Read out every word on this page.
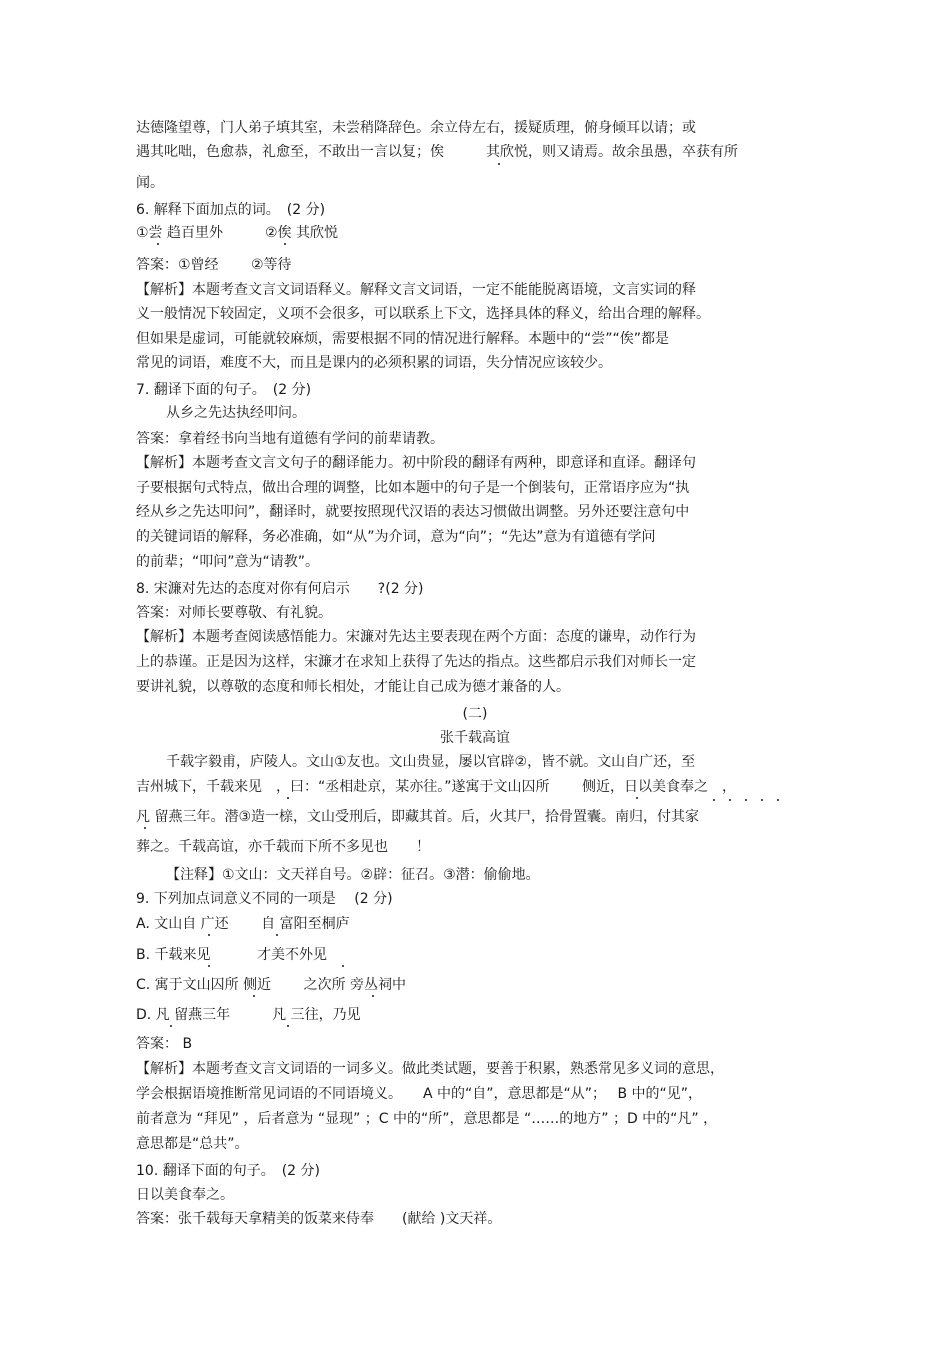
达德隆望尊，门人弟子填其室，未尝稍降辞色。余立侍左右，援疑质理，俯身倾耳以请；或
遇其叱咄，色愈恭，礼愈至，不敢出一言以复；俟　　　其欣悦，则又请焉。故余虽愚，卒获有所
闻。
6. 解释下面加点的词。　(2 分)
①尝 趋百里外　　　②俟 其欣悦
答案：①曾经　　 ②等待
【解析】本题考查文言文词语释义。解释文言文词语，一定不能能脱离语境，文言实词的释
义一般情况下较固定，义项不会很多，可以联系上下文，选择具体的释义，给出合理的解释。
但如果是虚词，可能就较麻烦，需要根据不同的情况进行解释。本题中的“尝”“俟”都是
常见的词语，难度不大，而且是课内的必须积累的词语，失分情况应该较少。
7. 翻译下面的句子。　(2 分)
从乡之先达执经叩问。
答案：拿着经书向当地有道德有学问的前辈请教。
【解析】本题考查文言文句子的翻译能力。初中阶段的翻译有两种，即意译和直译。翻译句
子要根据句式特点，做出合理的调整，比如本题中的句子是一个倒装句，正常语序应为“执
经从乡之先达叩问”，翻译时，就要按照现代汉语的表达习惯做出调整。另外还要注意句中
的关键词语的解释，务必准确，如“从”为介词，意为“向”；“先达”意为有道德有学问
的前辈；“叩问”意为“请教”。
8. 宋濂对先达的态度对你有何启示　　?(2 分)
答案：对师长要尊敬、有礼貌。
【解析】本题考查阅读感悟能力。宋濂对先达主要表现在两个方面：态度的谦卑，动作行为
上的恭谨。正是因为这样，宋濂才在求知上获得了先达的指点。这些都启示我们对师长一定
要讲礼貌，以尊敬的态度和师长相处，才能让自己成为德才兼备的人。
(二)
张千载高谊
千载字毅甫，庐陵人。文山①友也。文山贵显，屡以官辟②，皆不就。文山自广还，至
吉州城下，千载来见　，曰：“丞相赴京，某亦往。”遂寓于文山囚所　　 侧近，日以美食奉之　，
凡 留燕三年。潜③造一榇，文山受刑后，即藏其首。后，火其尸，拾骨置囊。南归，付其家
葬之。千载高谊，亦千载而下所不多见也　　！
【注释】①文山：文天祥自号。②辟：征召。③潜：偷偷地。
9. 下列加点词意义不同的一项是　 (2 分)
A. 文山自 广还　　 自 富阳至桐庐
B. 千载来见　　　 才美不外见
C. 寓于文山囚所 侧近　　 之次所 旁丛祠中
D. 凡 留燕三年　　　凡 三往，乃见
答案： B
【解析】本题考查文言文词语的一词多义。做此类试题，要善于积累，熟悉常见多义词的意思，
学会根据语境推断常见词语的不同语境义。　　A 中的“自”，意思都是“从”；　 B 中的“见”，
前者意为 “拜见” ，后者意为 “显现” ；C 中的“所”，意思都是 “……的地方” ；D 中的“凡” ，
意思都是“总共”。
10. 翻译下面的句子。　(2 分)
日以美食奉之。
答案：张千载每天拿精美的饭菜来侍奉　　(献给 )文天祥。
